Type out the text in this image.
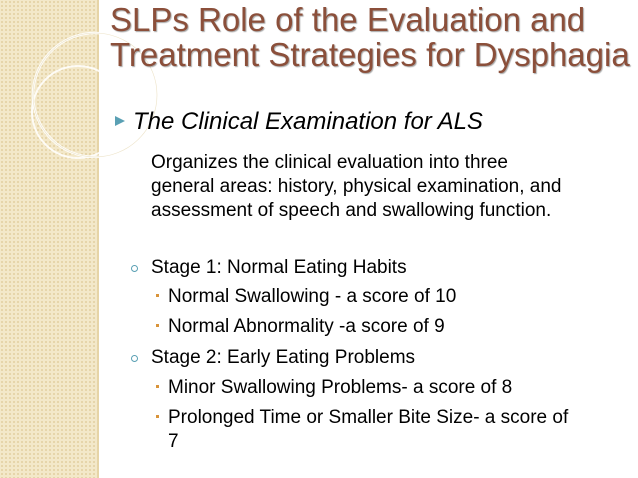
SLPs Role of the Evaluation and Treatment Strategies for Dysphagia
The Clinical Examination for ALS

Organizes the clinical evaluation into three

general areas: history, physical examination, and

assessment of speech and swallowing function.

Stage 1: Normal Eating Habits

Normal Swallowing - a score of 10

Normal Abnormality -a score of 9

Stage 2: Early Eating Problems

Minor Swallowing Problems- a score of 8

Prolonged Time or Smaller Bite Size- a score of

7
